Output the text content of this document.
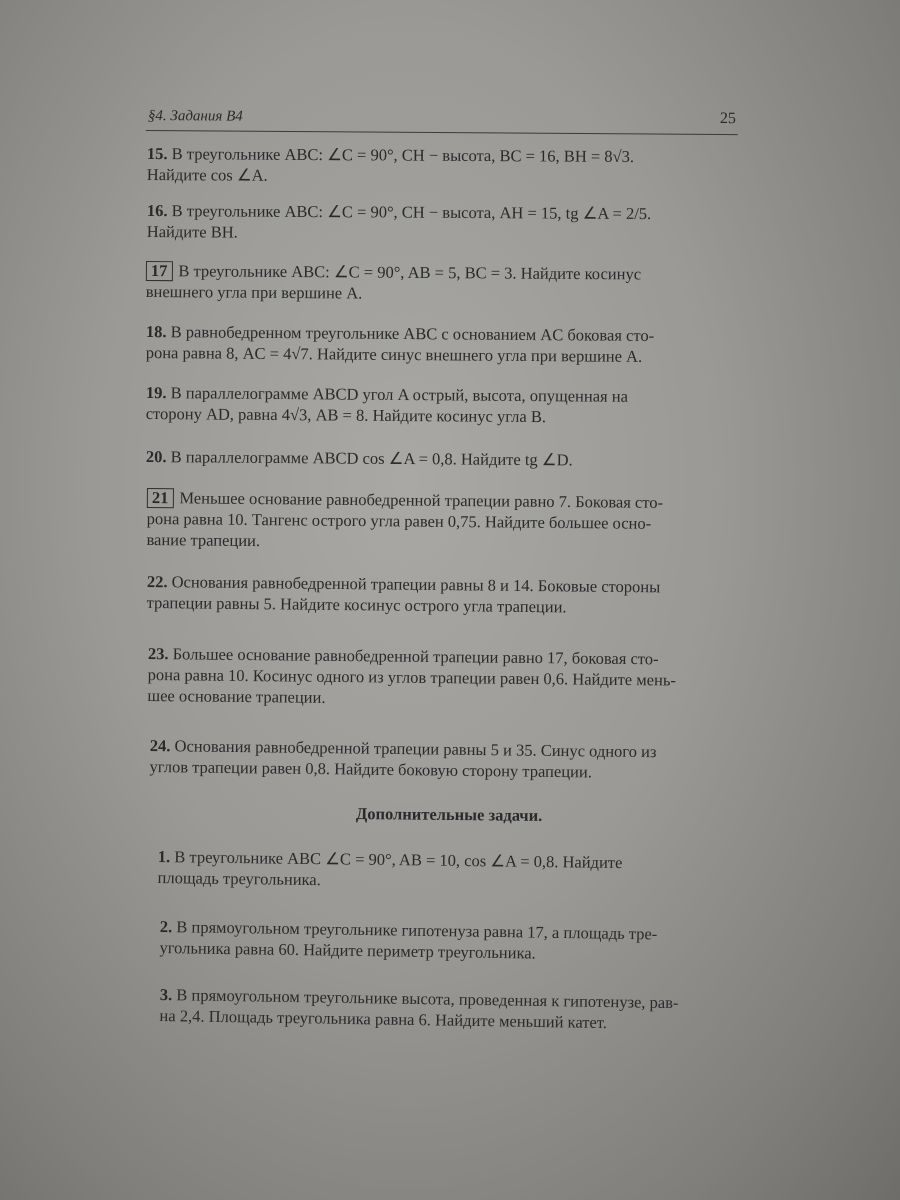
§4. Задания В4	25
15. В треугольнике ABC: ∠C = 90°, CH − высота, BC = 16, BH = 8√3.
Найдите cos ∠A.
16. В треугольнике ABC: ∠C = 90°, CH − высота, AH = 15, tg ∠A = 2/5.
Найдите BH.
17 В треугольнике ABC: ∠C = 90°, AB = 5, BC = 3. Найдите косинус
внешнего угла при вершине A.
18. В равнобедренном треугольнике ABC с основанием AC боковая сто-
рона равна 8, AC = 4√7. Найдите синус внешнего угла при вершине A.
19. В параллелограмме ABCD угол A острый, высота, опущенная на
сторону AD, равна 4√3, AB = 8. Найдите косинус угла B.
20. В параллелограмме ABCD cos ∠A = 0,8. Найдите tg ∠D.
21 Меньшее основание равнобедренной трапеции равно 7. Боковая сто-
рона равна 10. Тангенс острого угла равен 0,75. Найдите большее осно-
вание трапеции.
22. Основания равнобедренной трапеции равны 8 и 14. Боковые стороны
трапеции равны 5. Найдите косинус острого угла трапеции.
23. Большее основание равнобедренной трапеции равно 17, боковая сто-
рона равна 10. Косинус одного из углов трапеции равен 0,6. Найдите мень-
шее основание трапеции.
24. Основания равнобедренной трапеции равны 5 и 35. Синус одного из
углов трапеции равен 0,8. Найдите боковую сторону трапеции.
Дополнительные задачи.
1. В треугольнике ABC ∠C = 90°, AB = 10, cos ∠A = 0,8. Найдите
площадь треугольника.
2. В прямоугольном треугольнике гипотенуза равна 17, а площадь тре-
угольника равна 60. Найдите периметр треугольника.
3. В прямоугольном треугольнике высота, проведенная к гипотенузе, рав-
на 2,4. Площадь треугольника равна 6. Найдите меньший катет.
